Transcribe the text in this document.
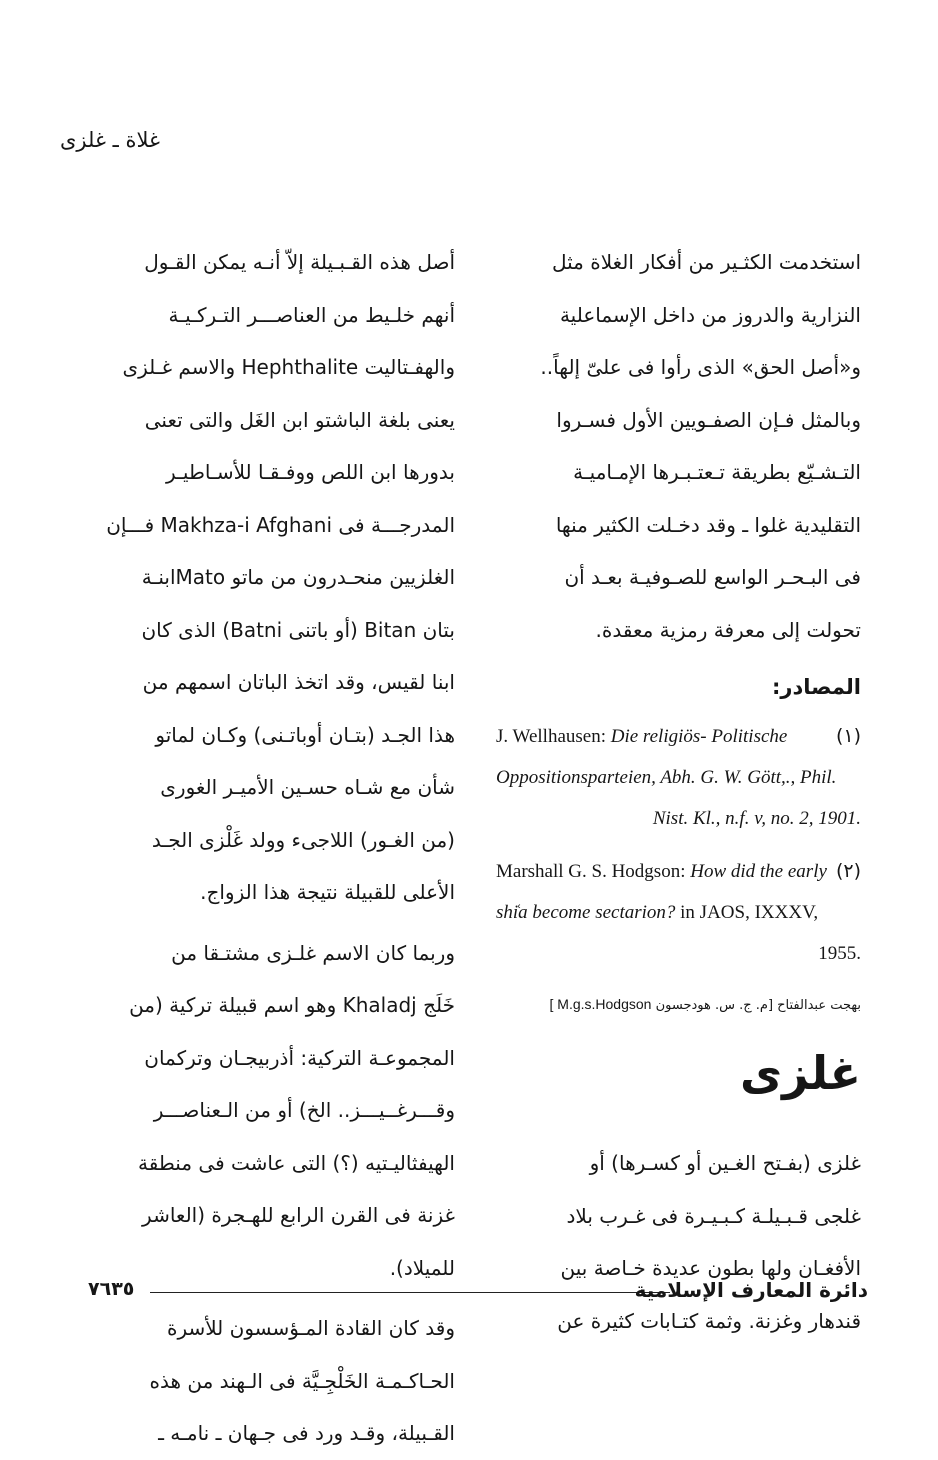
غلاة ـ غلزى

استخدمت الكثـير من أفكار الغلاة مثل

النزارية والدروز من داخل الإسماعلية

و«أصل الحق» الذى رأوا فى علىّ إلهاً..

وبالمثل فـإن الصفـويين الأول فسـروا

التـشـيّع بطريقة تـعتـبـرها الإمـاميـة

التقليدية غلوا ـ وقد دخـلت الكثير منها

فى البـحـر الواسع للصـوفيـة بعـد أن

تحولت إلى معرفة رمزية معقدة.

المصادر:
(١)
J. Wellhausen: Die religiös- Politische Oppositionsparteien, Abh. G. W. Gött,., Phil. Nist. Kl., n.f. v, no. 2, 1901.
(٢)
Marshall G. S. Hodgson: How did the early shi͑a become sectarion? in JAOS, IXXXV, 1955.
بهجت عبدالفتاح [م. ج. س. هودجسون M.g.s.Hodgson ]
غلزى

غلزى (بفـتح الغـين أو كسـرها) أو

غلجى قـبـيلـة كـبـيـرة فى غـرب بلاد

الأفغـان ولها بطون عديدة خـاصة بين

قندهار وغزنة. وثمة كتـابات كثيرة عن

أصل هذه القـبـيلة إلاّ أنـه يمكن القـول

أنهم خلـيط من العناصـــر التـركـيـة

والهفـتاليت Hephthalite والاسم غـلزى

يعنى بلغة الباشتو ابن الغَل والتى تعنى

بدورها ابن اللص ووفـقـا للأسـاطيـر

المدرجـــة فى Makhza-i Afghani فـــإن

الغلزيين منحـدرون من ماتو Matoابنـة

بتان Bitan (أو باتنى Batni) الذى كان

ابنا لقيس، وقد اتخذ الباتان اسمهم من

هذا الجـد (بتـان أوباتـنى) وكـان لماتو

شأن مع شـاه حسـين الأميـر الغورى

(من الغـور) اللاجىء وولد غَلْزى الجـد

الأعلى للقبيلة نتيجة هذا الزواج.

وربما كان الاسم غلـزى مشتـقا من

خَلَج Khaladj وهو اسم قبيلة تركية (من

المجموعـة التركية: أذربيجـان وتركمان

وقـــرغــيـــز.. الخ) أو من الـعناصـــر

الهيفثاليـتيه (؟) التى عاشت فى منطقة

غزنة فى القرن الرابع للهـجرة (العاشر

للميلاد).

وقد كان القادة المـؤسسون للأسرة

الحـاكـمـة الخَلْجِـيَّة فى الـهند من هذه

القـبيلة، وقـد ورد فى جـهان ـ نامـه ـ

دائرة المعارف الإسلامية
٧٦٣٥
